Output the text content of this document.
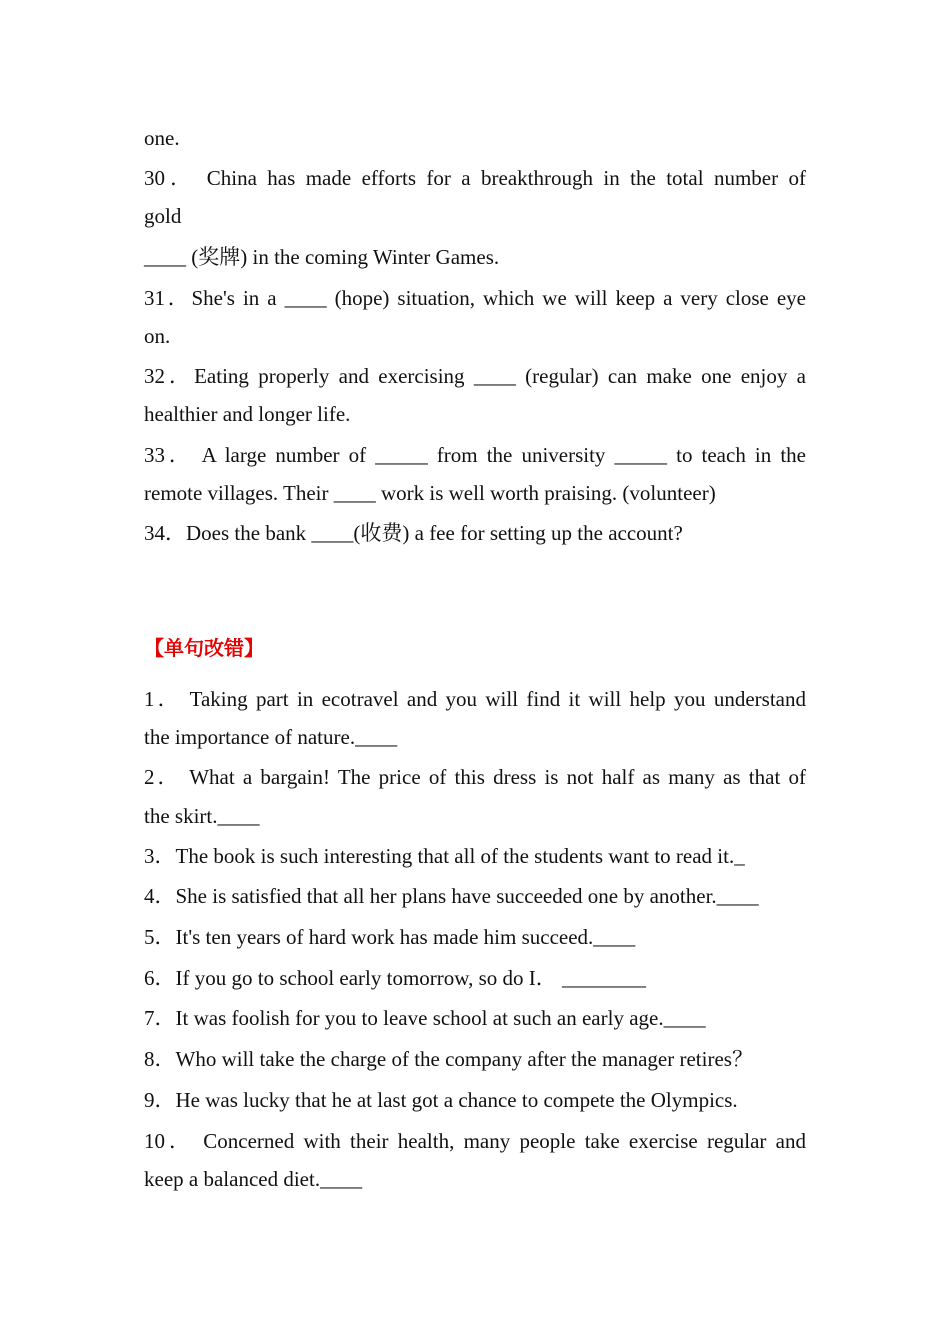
one.

30． China has made efforts for a breakthrough in the total number of

gold

____ (奖牌) in the coming Winter Games.

31．She's in a ____ (hope) situation, which we will keep a very close eye

on.

32．Eating properly and exercising ____ (regular) can make one enjoy a

healthier and longer life.

33． A large number of _____ from the university _____ to teach in the

remote villages. Their ____ work is well worth praising. (volunteer)

34．Does the bank ____(收费) a fee for setting up the account?

【单句改错】

1． Taking part in ecotravel and you will find it will help you understand

the importance of nature.____

2． What a bargain! The price of this dress is not half as many as that of

the skirt.____

3．The book is such interesting that all of the students want to read it._

4．She is satisfied that all her plans have succeeded one by another.____

5．It's ten years of hard work has made him succeed.____

6．If you go to school early tomorrow, so do I． ________

7．It was foolish for you to leave school at such an early age.____

8．Who will take the charge of the company after the manager retires？

9．He was lucky that he at last got a chance to compete the Olympics.

10． Concerned with their health, many people take exercise regular and

keep a balanced diet.____
